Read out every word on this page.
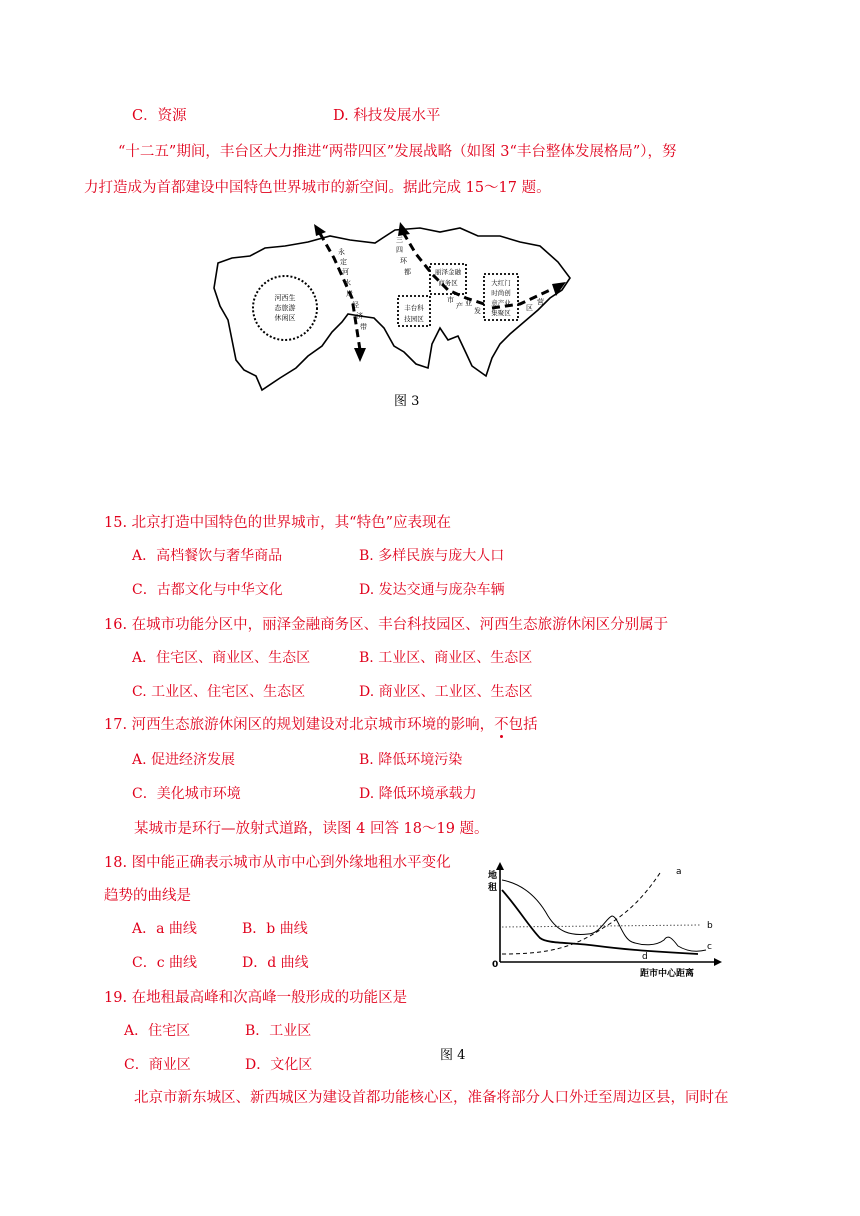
C．资源	D. 科技发展水平
“十二五”期间，丰台区大力推进“两带四区”发展战略（如图 3“丰台整体发展格局”），努
力打造成为首都建设中国特色世界城市的新空间。据此完成 15～17 题。
河西生
态旅游
休闲区
永
定
河
水
岸
经
济
带
三
四
环
都	丽泽金融
商务区
市
产 业
发
丰台科
技园区
大红门
时尚创
意产业
集聚区
区
营
图 3
15. 北京打造中国特色的世界城市，其“特色”应表现在
A．高档餐饮与奢华商品	B. 多样民族与庞大人口
C．古都文化与中华文化	D. 发达交通与庞杂车辆
16. 在城市功能分区中，丽泽金融商务区、丰台科技园区、河西生态旅游休闲区分别属于
A．住宅区、商业区、生态区	B. 工业区、商业区、生态区
C. 工业区、住宅区、生态区	D. 商业区、工业区、生态区
17. 河西生态旅游休闲区的规划建设对北京城市环境的影响，不包括
A. 促进经济发展	B. 降低环境污染
C．美化城市环境	D. 降低环境承载力
某城市是环行—放射式道路，读图 4 回答 18～19 题。
18. 图中能正确表示城市从市中心到外缘地租水平变化
趋势的曲线是
A．a 曲线	B．b 曲线
C．c 曲线	D．d 曲线
19. 在地租最高峰和次高峰一般形成的功能区是
A．住宅区	B．工业区
C．商业区	D．文化区
地
租
0
距市中心距离
a
b
c
d
图 4
北京市新东城区、新西城区为建设首都功能核心区，准备将部分人口外迁至周边区县，同时在
